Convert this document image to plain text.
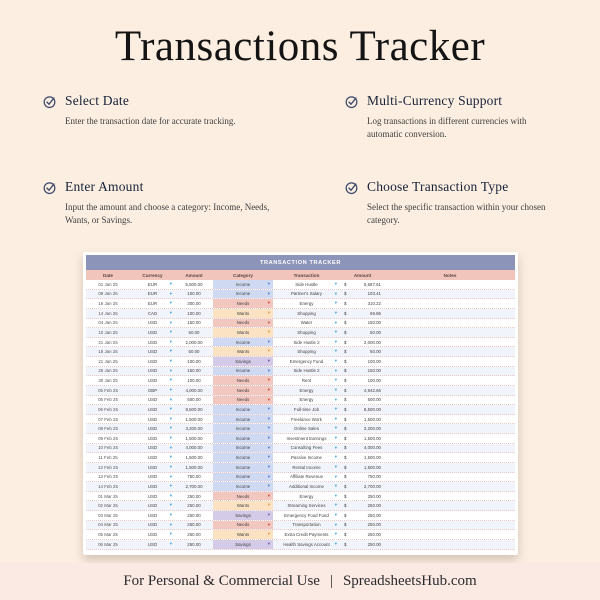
Transactions Tracker
Select Date

Enter the transaction date for accurate tracking.

Multi-Currency Support

Log transactions in different currencies with automatic conversion.

Enter Amount

Input the amount and choose a category: Income, Needs, Wants, or Savings.

Choose Transaction Type

Select the specific transaction within your chosen category.

TRANSACTION TRACKER
Date	Currency	Amount	Category	Transaction	Amount	Notes
01 Jan 25	EUR	▾	5,500.00	Income	▾	Side Hustle	▾ $	5,687.61
09 Jan 25	EUR	▾	100.00	Income	▾	Partner's Salary	▾ $	103.41
16 Jan 25	EUR	▾	300.00	Needs	▾	Energy	▾ $	310.22
14 Jan 25	CAD	▾	100.00	Wants	▾	Shopping	▾ $	69.86
04 Jan 25	USD	▾	150.00	Needs	▾	Water	▾ $	150.00
10 Jan 25	USD	▾	50.00	Wants	▾	Shopping	▾ $	50.00
21 Jan 25	USD	▾	2,000.00	Income	▾	Side Hustle 2	▾ $	2,000.00
18 Jan 25	USD	▾	50.00	Wants	▾	Shopping	▾ $	50.00
21 Jan 25	USD	▾	100.00	Savings	▾	Emergency Fund ▾ $	100.00
25 Jan 25	USD	▾	150.00	Income	▾	Side Hustle 2	▾ $	150.00
30 Jan 25	USD	▾	100.00	Needs	▾	Rent	▾ $	100.00
05 Feb 25	GBP	▾	4,000.00	Needs	▾	Energy	▾ $	4,942.66
05 Feb 25	USD	▾	500.00	Needs	▾	Energy	▾ $	500.00
06 Feb 25	USD	▾	8,500.00	Income	▾	Full-time Job	▾ $	8,500.00
07 Feb 25	USD	▾	1,500.00	Income	▾	Freelance Work	▾ $	1,500.00
08 Feb 25	USD	▾	3,200.00	Income	▾	Online Sales	▾ $	3,200.00
09 Feb 25	USD	▾	1,500.00	Income	▾	Investment Earnings ▾ $	1,500.00
10 Feb 25	USD	▾	4,000.00	Income	▾	Consulting Fees	▾ $	4,000.00
11 Feb 25	USD	▾	1,500.00	Income	▾	Passive Income	▾ $	1,500.00
12 Feb 25	USD	▾	1,500.00	Income	▾	Rental Income	▾ $	1,500.00
13 Feb 25	USD	▾	750.00	Income	▾	Affiliate Revenue	▾ $	750.00
14 Feb 25	USD	▾	2,700.00	Income	▾	Additional Income ▾ $	2,700.00
01 Mar 25	USD	▾	250.00	Needs	▾	Energy	▾ $	250.00
02 Mar 25	USD	▾	250.00	Wants	▾	Streaming Services ▾ $	250.00
03 Mar 25	USD	▾	250.00	Savings	▾	Emergency Food Fund ▾ $	250.00
04 Mar 25	USD	▾	250.00	Needs	▾	Transportation	▾ $	250.00
05 Mar 25	USD	▾	250.00	Wants	▾	Extra Credit Payments ▾ $	250.00
06 Mar 25	USD	▾	250.00	Savings	▾	Health Savings Account ▾ $	250.00
For Personal & Commercial Use | SpreadsheetsHub.com
